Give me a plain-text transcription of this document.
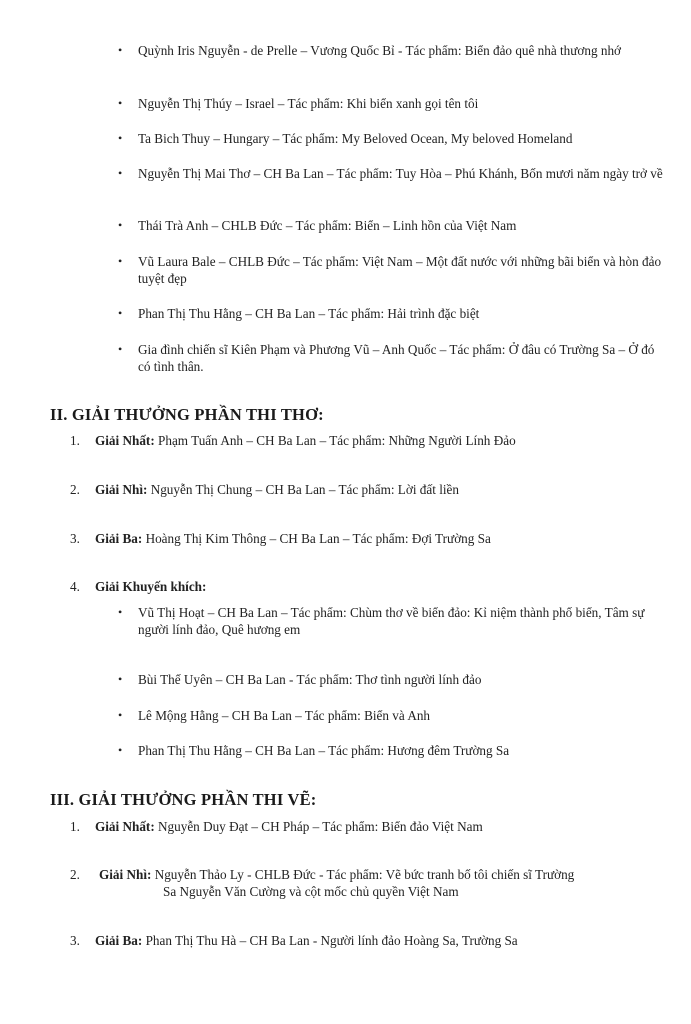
•	Quỳnh Iris Nguyễn - de Prelle – Vương Quốc Bỉ - Tác phẩm: Biển đảo quê nhà thương nhớ
•	Nguyễn Thị Thúy – Israel – Tác phẩm: Khi biển xanh gọi tên tôi
•	Ta Bich Thuy – Hungary – Tác phẩm: My Beloved Ocean, My beloved Homeland
•	Nguyễn Thị Mai Thơ – CH Ba Lan – Tác phẩm: Tuy Hòa – Phú Khánh, Bốn mươi năm ngày trở về
•	Thái Trà Anh – CHLB Đức – Tác phẩm: Biển – Linh hồn của Việt Nam
•	Vũ Laura Bale – CHLB Đức – Tác phẩm: Việt Nam – Một đất nước với những bãi biển và hòn đảo tuyệt đẹp
•	Phan Thị Thu Hằng – CH Ba Lan – Tác phẩm: Hải trình đặc biệt
•	Gia đình chiến sĩ Kiên Phạm và Phương Vũ – Anh Quốc – Tác phẩm: Ở đâu có Trường Sa – Ở đó có tình thân.
II. GIẢI THƯỞNG PHẦN THI THƠ:
1.	Giải Nhất: Phạm Tuấn Anh – CH Ba Lan – Tác phẩm: Những Người Lính Đảo
2.	Giải Nhì: Nguyễn Thị Chung – CH Ba Lan – Tác phẩm: Lời đất liền
3.	Giải Ba: Hoàng Thị Kim Thông – CH Ba Lan – Tác phẩm: Đợi Trường Sa
4.	Giải Khuyến khích:
•	Vũ Thị Hoạt – CH Ba Lan – Tác phẩm: Chùm thơ về biển đảo: Kỉ niệm thành phố biển, Tâm sự người lính đảo, Quê hương em
•	Bùi Thế Uyên – CH Ba Lan - Tác phẩm: Thơ tình người lính đảo
•	Lê Mộng Hằng – CH Ba Lan – Tác phẩm: Biển và Anh
•	Phan Thị Thu Hằng – CH Ba Lan – Tác phẩm: Hương đêm Trường Sa
III. GIẢI THƯỞNG PHẦN THI VẼ:
1.	Giải Nhất: Nguyễn Duy Đạt – CH Pháp – Tác phẩm: Biển đảo Việt Nam
2.	Giải Nhì: Nguyễn Thảo Ly - CHLB Đức - Tác phẩm: Vẽ bức tranh bố tôi chiến sĩ Trường
Sa Nguyễn Văn Cường và cột mốc chủ quyền Việt Nam
3.	Giải Ba: Phan Thị Thu Hà – CH Ba Lan - Người lính đảo Hoàng Sa, Trường Sa
